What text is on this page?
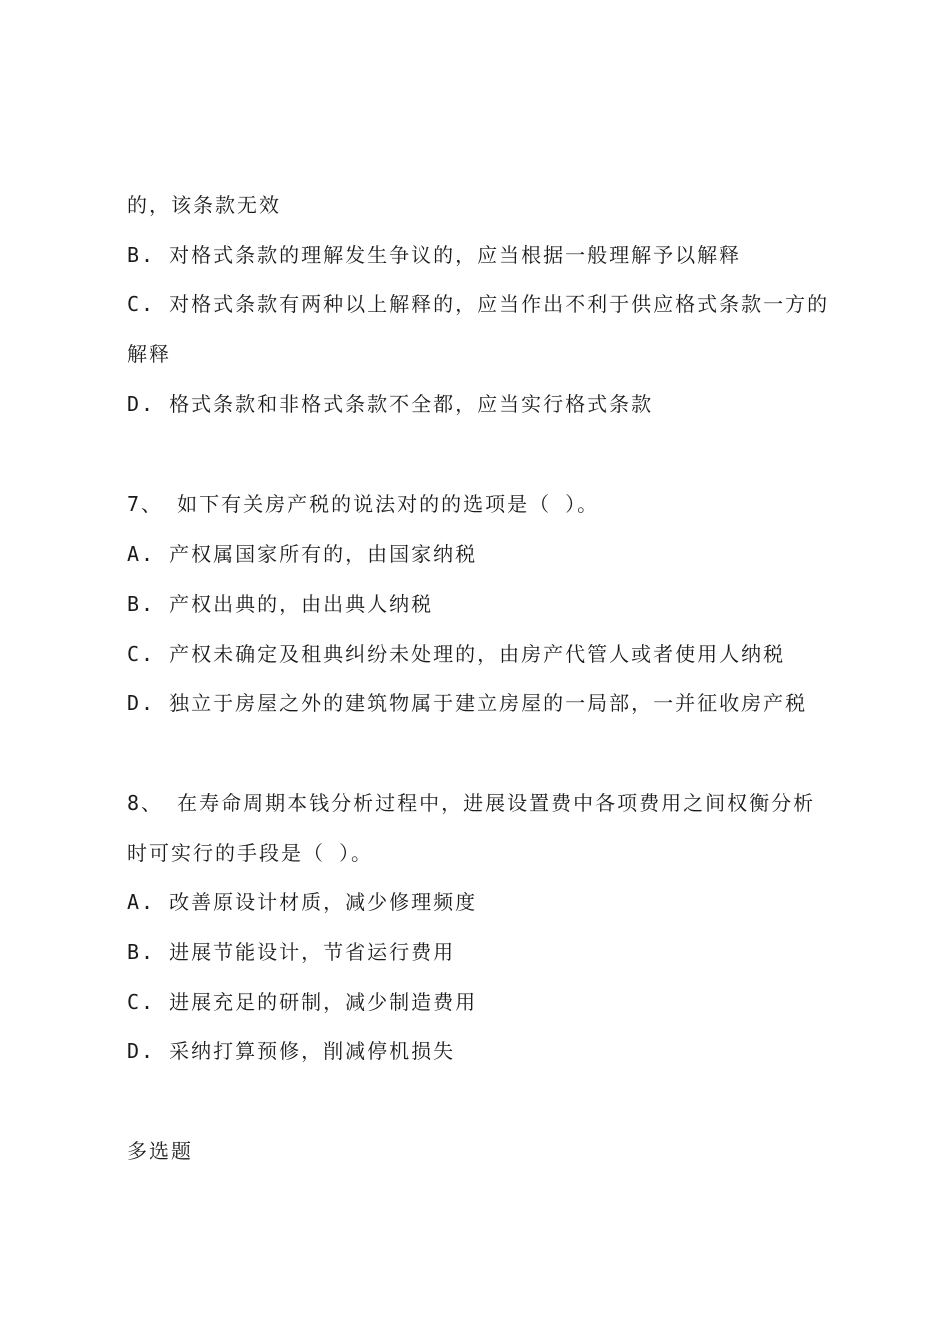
的，该条款无效
B. 对格式条款的理解发生争议的，应当根据一般理解予以解释
C. 对格式条款有两种以上解释的，应当作出不利于供应格式条款一方的
解释
D. 格式条款和非格式条款不全都，应当实行格式条款
7、 如下有关房产税的说法对的的选项是（ ）。
A. 产权属国家所有的，由国家纳税
B. 产权出典的，由出典人纳税
C. 产权未确定及租典纠纷未处理的，由房产代管人或者使用人纳税
D. 独立于房屋之外的建筑物属于建立房屋的一局部，一并征收房产税
8、 在寿命周期本钱分析过程中，进展设置费中各项费用之间权衡分析
时可实行的手段是（ ）。
A. 改善原设计材质，减少修理频度
B. 进展节能设计，节省运行费用
C. 进展充足的研制，减少制造费用
D. 采纳打算预修，削减停机损失
多选题
